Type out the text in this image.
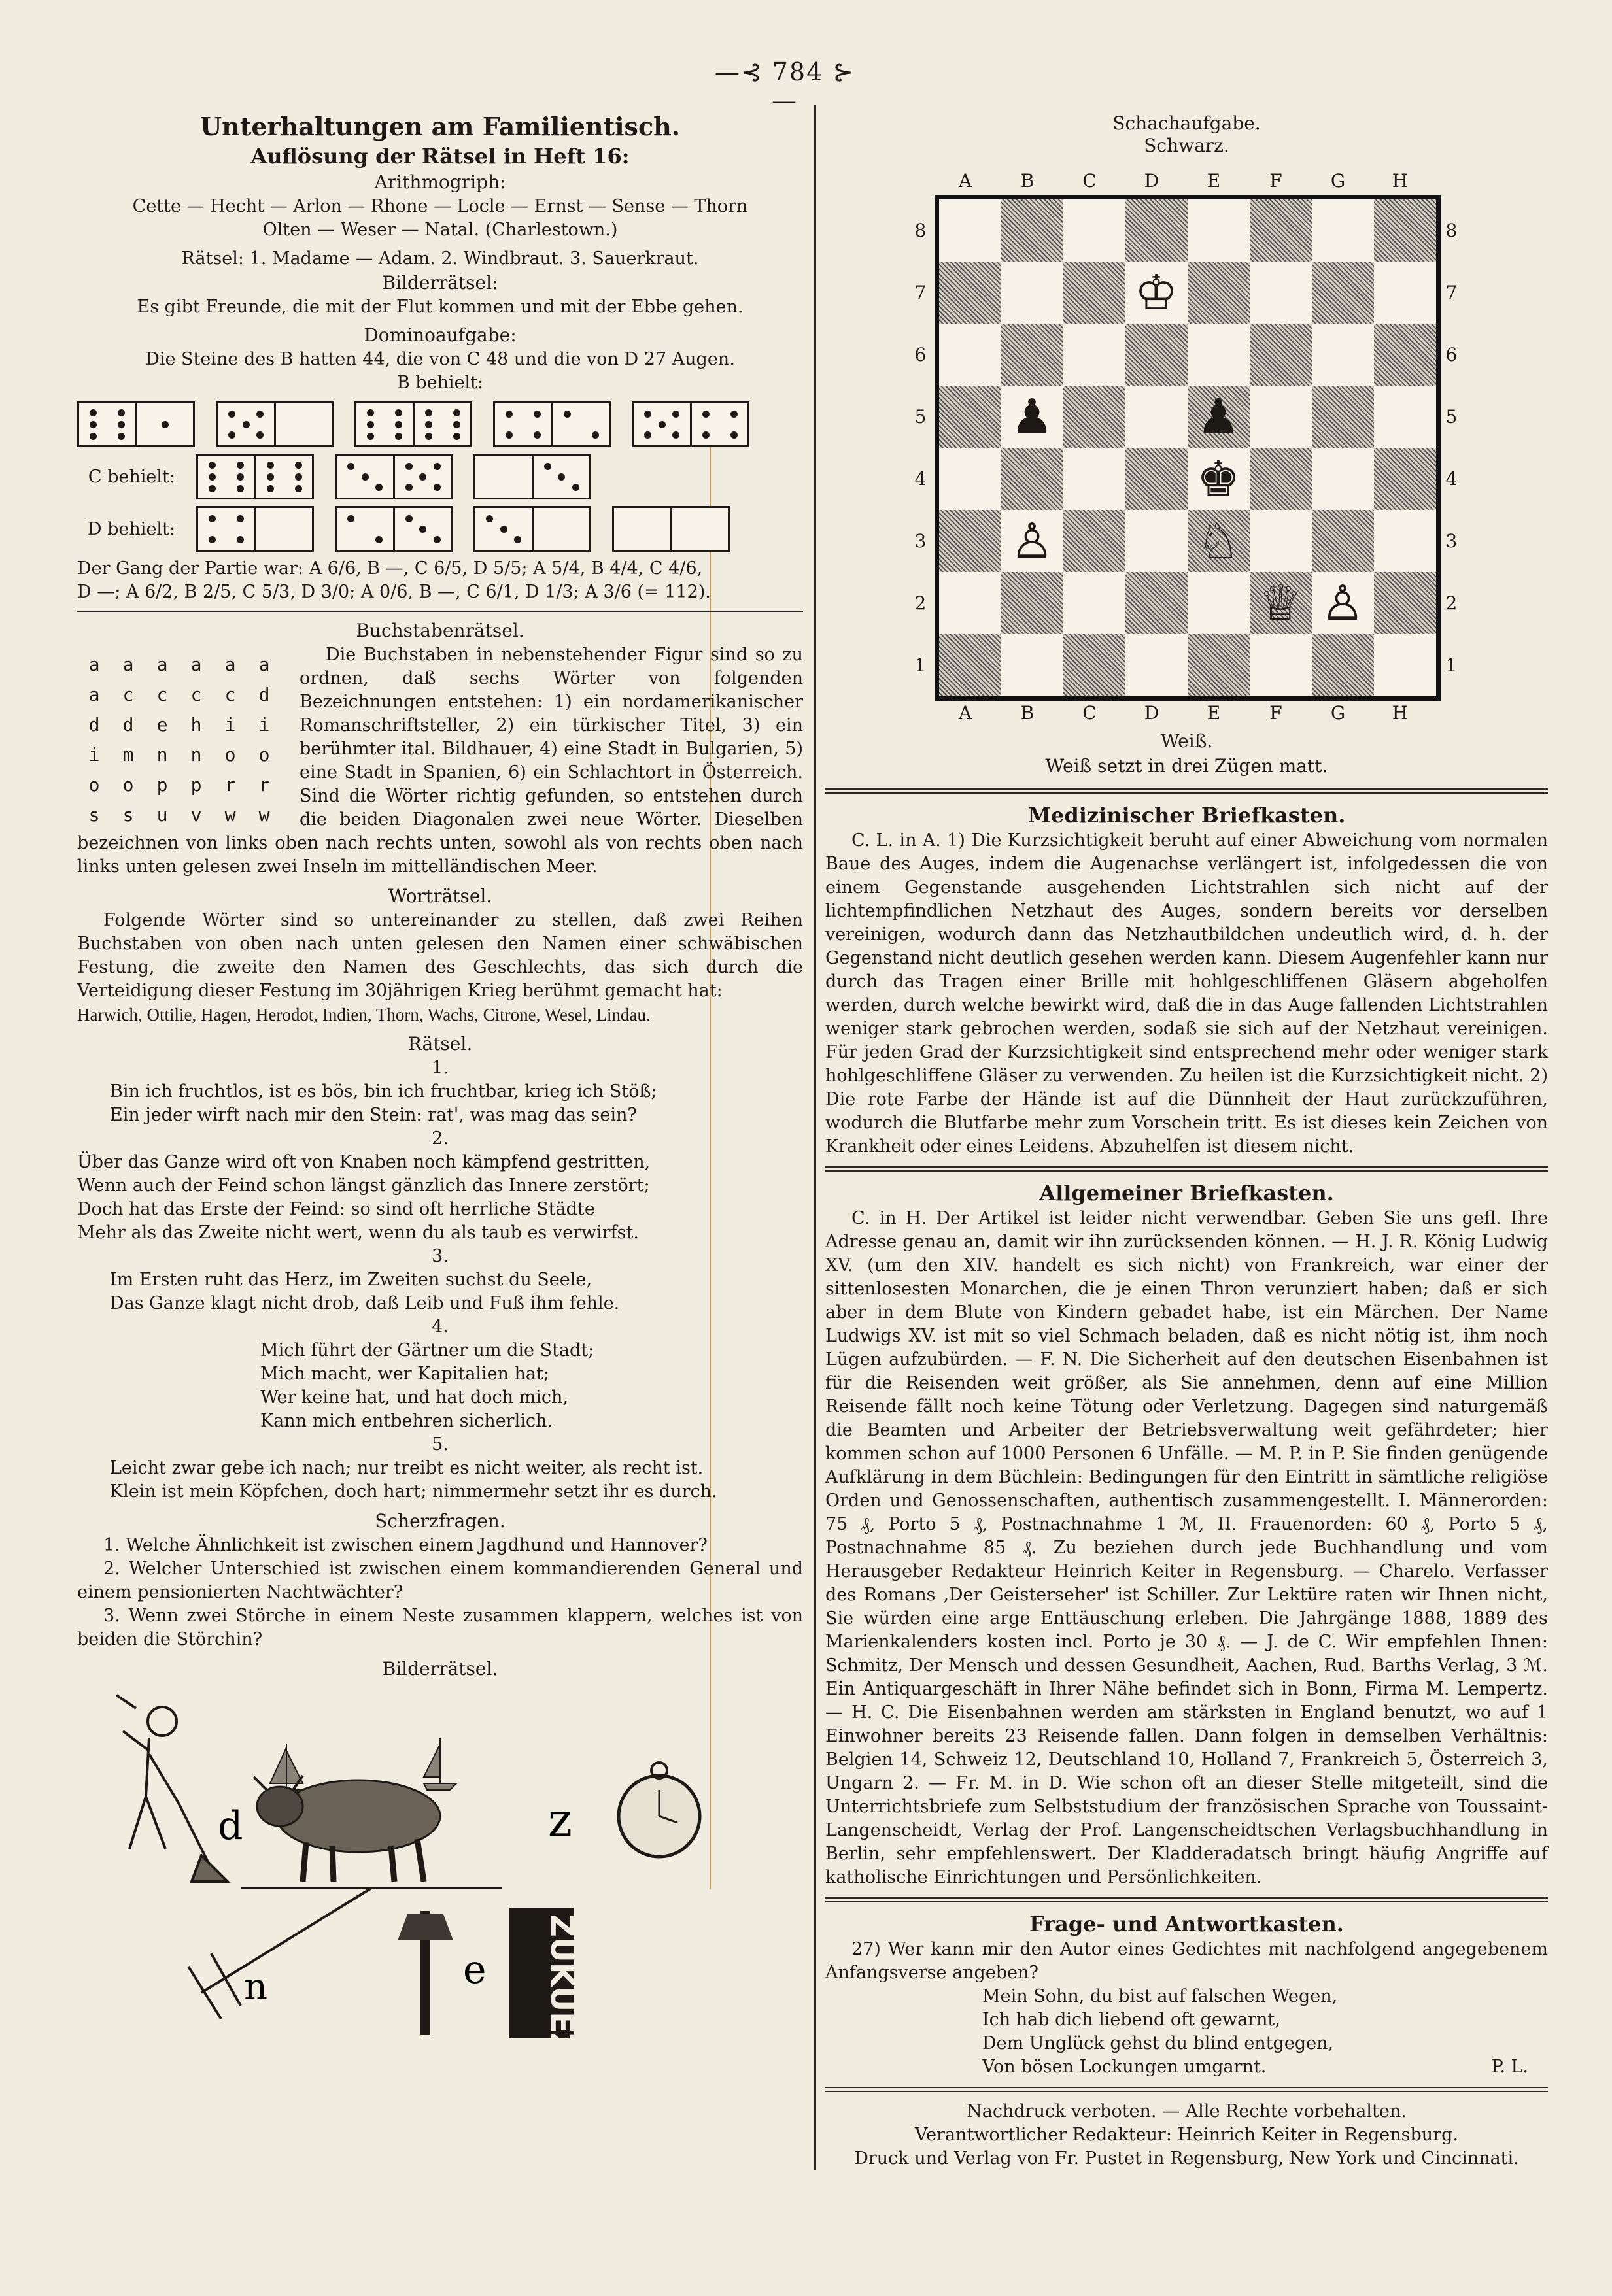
—⊰ 784 ⊱—
Unterhaltungen am Familientisch.
Auflösung der Rätsel in Heft 16:
Arithmogriph:
Cette — Hecht — Arlon — Rhone — Locle — Ernst — Sense — Thorn
Olten — Weser — Natal. (Charlestown.)
Rätsel: 1. Madame — Adam. 2. Windbraut. 3. Sauerkraut.
Bilderrätsel:
Es gibt Freunde, die mit der Flut kommen und mit der Ebbe gehen.
Dominoaufgabe:
Die Steine des B hatten 44, die von C 48 und die von D 27 Augen.
B behielt:
C behielt:
D behielt:
Der Gang der Partie war: A 6/6, B —, C 6/5, D 5/5; A 5/4, B 4/4, C 4/6,
D —; A 6/2, B 2/5, C 5/3, D 3/0; A 0/6, B —, C 6/1, D 1/3; A 3/6 (= 112).
Buchstabenrätsel.
a a a a a a
a c c c c d
d d e h i i
i m n n o o
o o p p r r
s s u v w w
Die Buchstaben in nebenstehender Figur sind so zu ordnen, daß sechs Wörter von folgenden Bezeichnungen entstehen: 1) ein nordamerikanischer Romanschriftsteller, 2) ein türkischer Titel, 3) ein berühmter ital. Bildhauer, 4) eine Stadt in Bulgarien, 5) eine Stadt in Spanien, 6) ein Schlachtort in Österreich. Sind die Wörter richtig gefunden, so entstehen durch die beiden Diagonalen zwei neue Wörter. Dieselben bezeichnen von links oben nach rechts unten, sowohl als von rechts oben nach links unten gelesen zwei Inseln im mittelländischen Meer.
Worträtsel.
Folgende Wörter sind so untereinander zu stellen, daß zwei Reihen Buchstaben von oben nach unten gelesen den Namen einer schwäbischen Festung, die zweite den Namen des Geschlechts, das sich durch die Verteidigung dieser Festung im 30jährigen Krieg berühmt gemacht hat:
Harwich, Ottilie, Hagen, Herodot, Indien, Thorn, Wachs, Citrone, Wesel, Lindau.
Rätsel.
1.
Bin ich fruchtlos, ist es bös, bin ich fruchtbar, krieg ich Stöß;
Ein jeder wirft nach mir den Stein: rat', was mag das sein?
2.
Über das Ganze wird oft von Knaben noch kämpfend gestritten,
Wenn auch der Feind schon längst gänzlich das Innere zerstört;
Doch hat das Erste der Feind: so sind oft herrliche Städte
Mehr als das Zweite nicht wert, wenn du als taub es verwirfst.
3.
Im Ersten ruht das Herz, im Zweiten suchst du Seele,
Das Ganze klagt nicht drob, daß Leib und Fuß ihm fehle.
4.
Mich führt der Gärtner um die Stadt;
Mich macht, wer Kapitalien hat;
Wer keine hat, und hat doch mich,
Kann mich entbehren sicherlich.
5.
Leicht zwar gebe ich nach; nur treibt es nicht weiter, als recht ist.
Klein ist mein Köpfchen, doch hart; nimmermehr setzt ihr es durch.
Scherzfragen.
1. Welche Ähnlichkeit ist zwischen einem Jagdhund und Hannover?
2. Welcher Unterschied ist zwischen einem kommandierenden General und einem pensionierten Nachtwächter?
3. Wenn zwei Störche in einem Neste zusammen klappern, welches ist von beiden die Störchin?
Bilderrätsel.
d	z
n	e ZUKUEZ
Schachaufgabe.
Schwarz.
A	B	C	D	E	F	G	H
8
7
6
5
4
3
2
1
♔
♟	♟
♚
♙	♘
♕ ♙
8
7
6
5
4
3
2
1
A	B	C	D	E	F	G	H
Weiß.
Weiß setzt in drei Zügen matt.
Medizinischer Briefkasten.
C. L. in A. 1) Die Kurzsichtigkeit beruht auf einer Abweichung vom normalen Baue des Auges, indem die Augenachse verlängert ist, infolgedessen die von einem Gegenstande ausgehenden Lichtstrahlen sich nicht auf der lichtempfindlichen Netzhaut des Auges, sondern bereits vor derselben vereinigen, wodurch dann das Netzhautbildchen undeutlich wird, d. h. der Gegenstand nicht deutlich gesehen werden kann. Diesem Augenfehler kann nur durch das Tragen einer Brille mit hohlgeschliffenen Gläsern abgeholfen werden, durch welche bewirkt wird, daß die in das Auge fallenden Lichtstrahlen weniger stark gebrochen werden, sodaß sie sich auf der Netzhaut vereinigen. Für jeden Grad der Kurzsichtigkeit sind entsprechend mehr oder weniger stark hohlgeschliffene Gläser zu verwenden. Zu heilen ist die Kurzsichtigkeit nicht. 2) Die rote Farbe der Hände ist auf die Dünnheit der Haut zurückzuführen, wodurch die Blutfarbe mehr zum Vorschein tritt. Es ist dieses kein Zeichen von Krankheit oder eines Leidens. Abzuhelfen ist diesem nicht.
Allgemeiner Briefkasten.
C. in H. Der Artikel ist leider nicht verwendbar. Geben Sie uns gefl. Ihre Adresse genau an, damit wir ihn zurücksenden können. — H. J. R. König Ludwig XV. (um den XIV. handelt es sich nicht) von Frankreich, war einer der sittenlosesten Monarchen, die je einen Thron verunziert haben; daß er sich aber in dem Blute von Kindern gebadet habe, ist ein Märchen. Der Name Ludwigs XV. ist mit so viel Schmach beladen, daß es nicht nötig ist, ihm noch Lügen aufzubürden. — F. N. Die Sicherheit auf den deutschen Eisenbahnen ist für die Reisenden weit größer, als Sie annehmen, denn auf eine Million Reisende fällt noch keine Tötung oder Verletzung. Dagegen sind naturgemäß die Beamten und Arbeiter der Betriebsverwaltung weit gefährdeter; hier kommen schon auf 1000 Personen 6 Unfälle. — M. P. in P. Sie finden genügende Aufklärung in dem Büchlein: Bedingungen für den Eintritt in sämtliche religiöse Orden und Genossenschaften, authentisch zusammengestellt. I. Männerorden: 75 ₰, Porto 5 ₰, Postnachnahme 1 ℳ, II. Frauenorden: 60 ₰, Porto 5 ₰, Postnachnahme 85 ₰. Zu beziehen durch jede Buchhandlung und vom Herausgeber Redakteur Heinrich Keiter in Regensburg. — Charelo. Verfasser des Romans ‚Der Geisterseher' ist Schiller. Zur Lektüre raten wir Ihnen nicht, Sie würden eine arge Enttäuschung erleben. Die Jahrgänge 1888, 1889 des Marienkalenders kosten incl. Porto je 30 ₰. — J. de C. Wir empfehlen Ihnen: Schmitz, Der Mensch und dessen Gesundheit, Aachen, Rud. Barths Verlag, 3 ℳ. Ein Antiquargeschäft in Ihrer Nähe befindet sich in Bonn, Firma M. Lempertz. — H. C. Die Eisenbahnen werden am stärksten in England benutzt, wo auf 1 Einwohner bereits 23 Reisende fallen. Dann folgen in demselben Verhältnis: Belgien 14, Schweiz 12, Deutschland 10, Holland 7, Frankreich 5, Österreich 3, Ungarn 2. — Fr. M. in D. Wie schon oft an dieser Stelle mitgeteilt, sind die Unterrichtsbriefe zum Selbststudium der französischen Sprache von Toussaint-Langenscheidt, Verlag der Prof. Langenscheidtschen Verlagsbuchhandlung in Berlin, sehr empfehlenswert. Der Kladderadatsch bringt häufig Angriffe auf katholische Einrichtungen und Persönlichkeiten.
Frage- und Antwortkasten.
27) Wer kann mir den Autor eines Gedichtes mit nachfolgend angegebenem Anfangsverse angeben?
Mein Sohn, du bist auf falschen Wegen,
Ich hab dich liebend oft gewarnt,
Dem Unglück gehst du blind entgegen,
Von bösen Lockungen umgarnt.	P. L.
Nachdruck verboten. — Alle Rechte vorbehalten.
Verantwortlicher Redakteur: Heinrich Keiter in Regensburg.
Druck und Verlag von Fr. Pustet in Regensburg, New York und Cincinnati.
